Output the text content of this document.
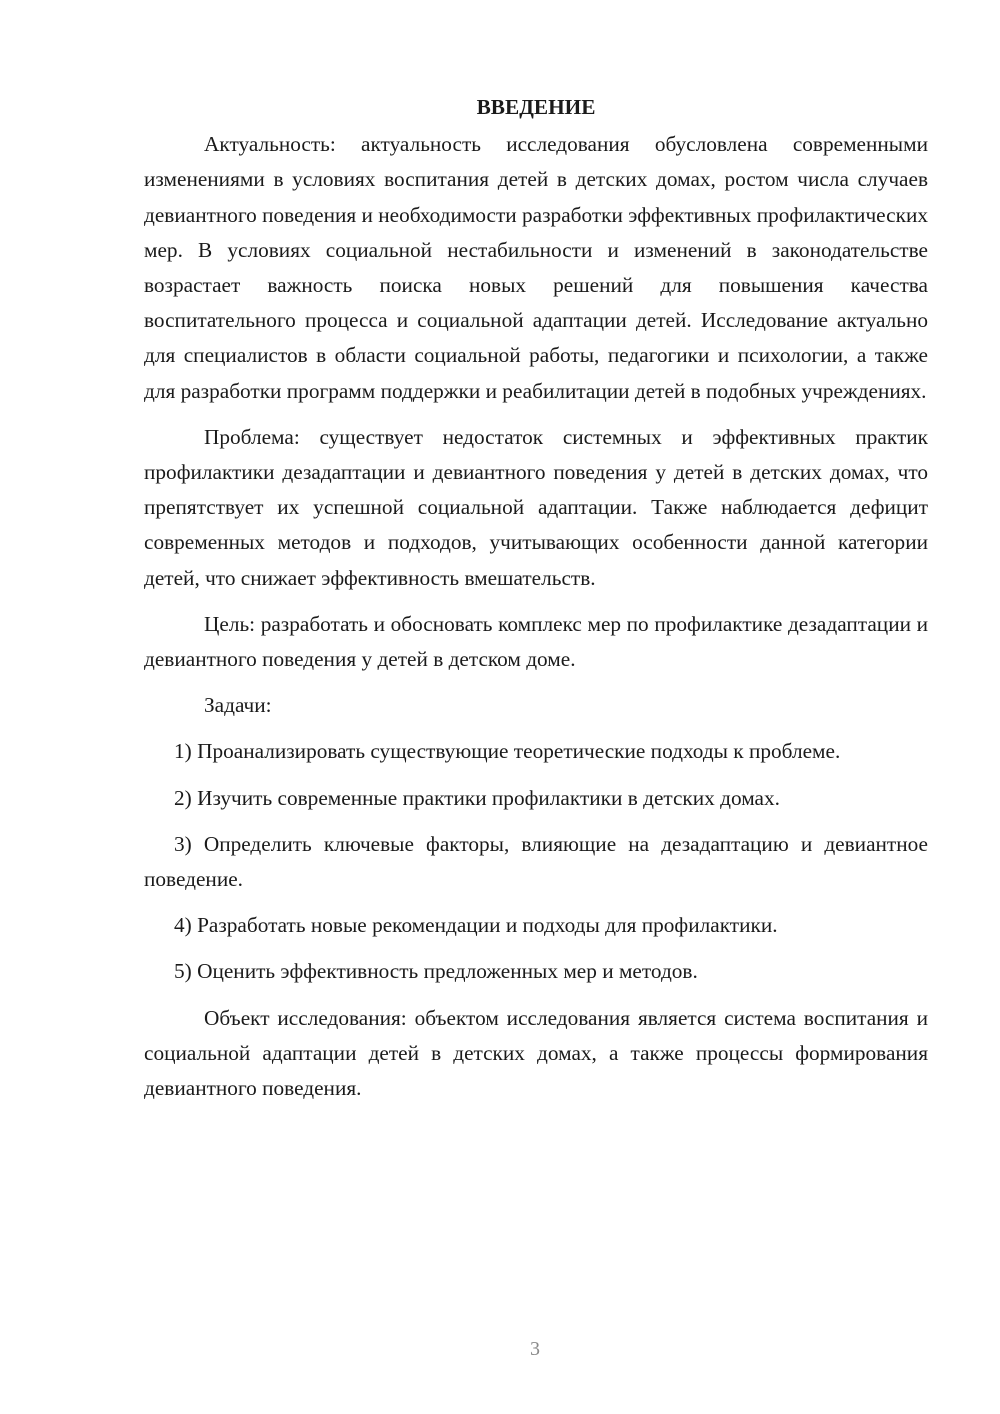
ВВЕДЕНИЕ

Актуальность: актуальность исследования обусловлена современными изменениями в условиях воспитания детей в детских домах, ростом числа случаев девиантного поведения и необходимости разработки эффективных профилактических мер. В условиях социальной нестабильности и изменений в законодательстве возрастает важность поиска новых решений для повышения качества воспитательного процесса и социальной адаптации детей. Исследование актуально для специалистов в области социальной работы, педагогики и психологии, а также для разработки программ поддержки и реабилитации детей в подобных учреждениях.

Проблема: существует недостаток системных и эффективных практик профилактики дезадаптации и девиантного поведения у детей в детских домах, что препятствует их успешной социальной адаптации. Также наблюдается дефицит современных методов и подходов, учитывающих особенности данной категории детей, что снижает эффективность вмешательств.

Цель: разработать и обосновать комплекс мер по профилактике дезадаптации и девиантного поведения у детей в детском доме.

Задачи:

1) Проанализировать существующие теоретические подходы к проблеме.

2) Изучить современные практики профилактики в детских домах.

3) Определить ключевые факторы, влияющие на дезадаптацию и девиантное поведение.

4) Разработать новые рекомендации и подходы для профилактики.

5) Оценить эффективность предложенных мер и методов.

Объект исследования: объектом исследования является система воспитания и социальной адаптации детей в детских домах, а также процессы формирования девиантного поведения.

3
